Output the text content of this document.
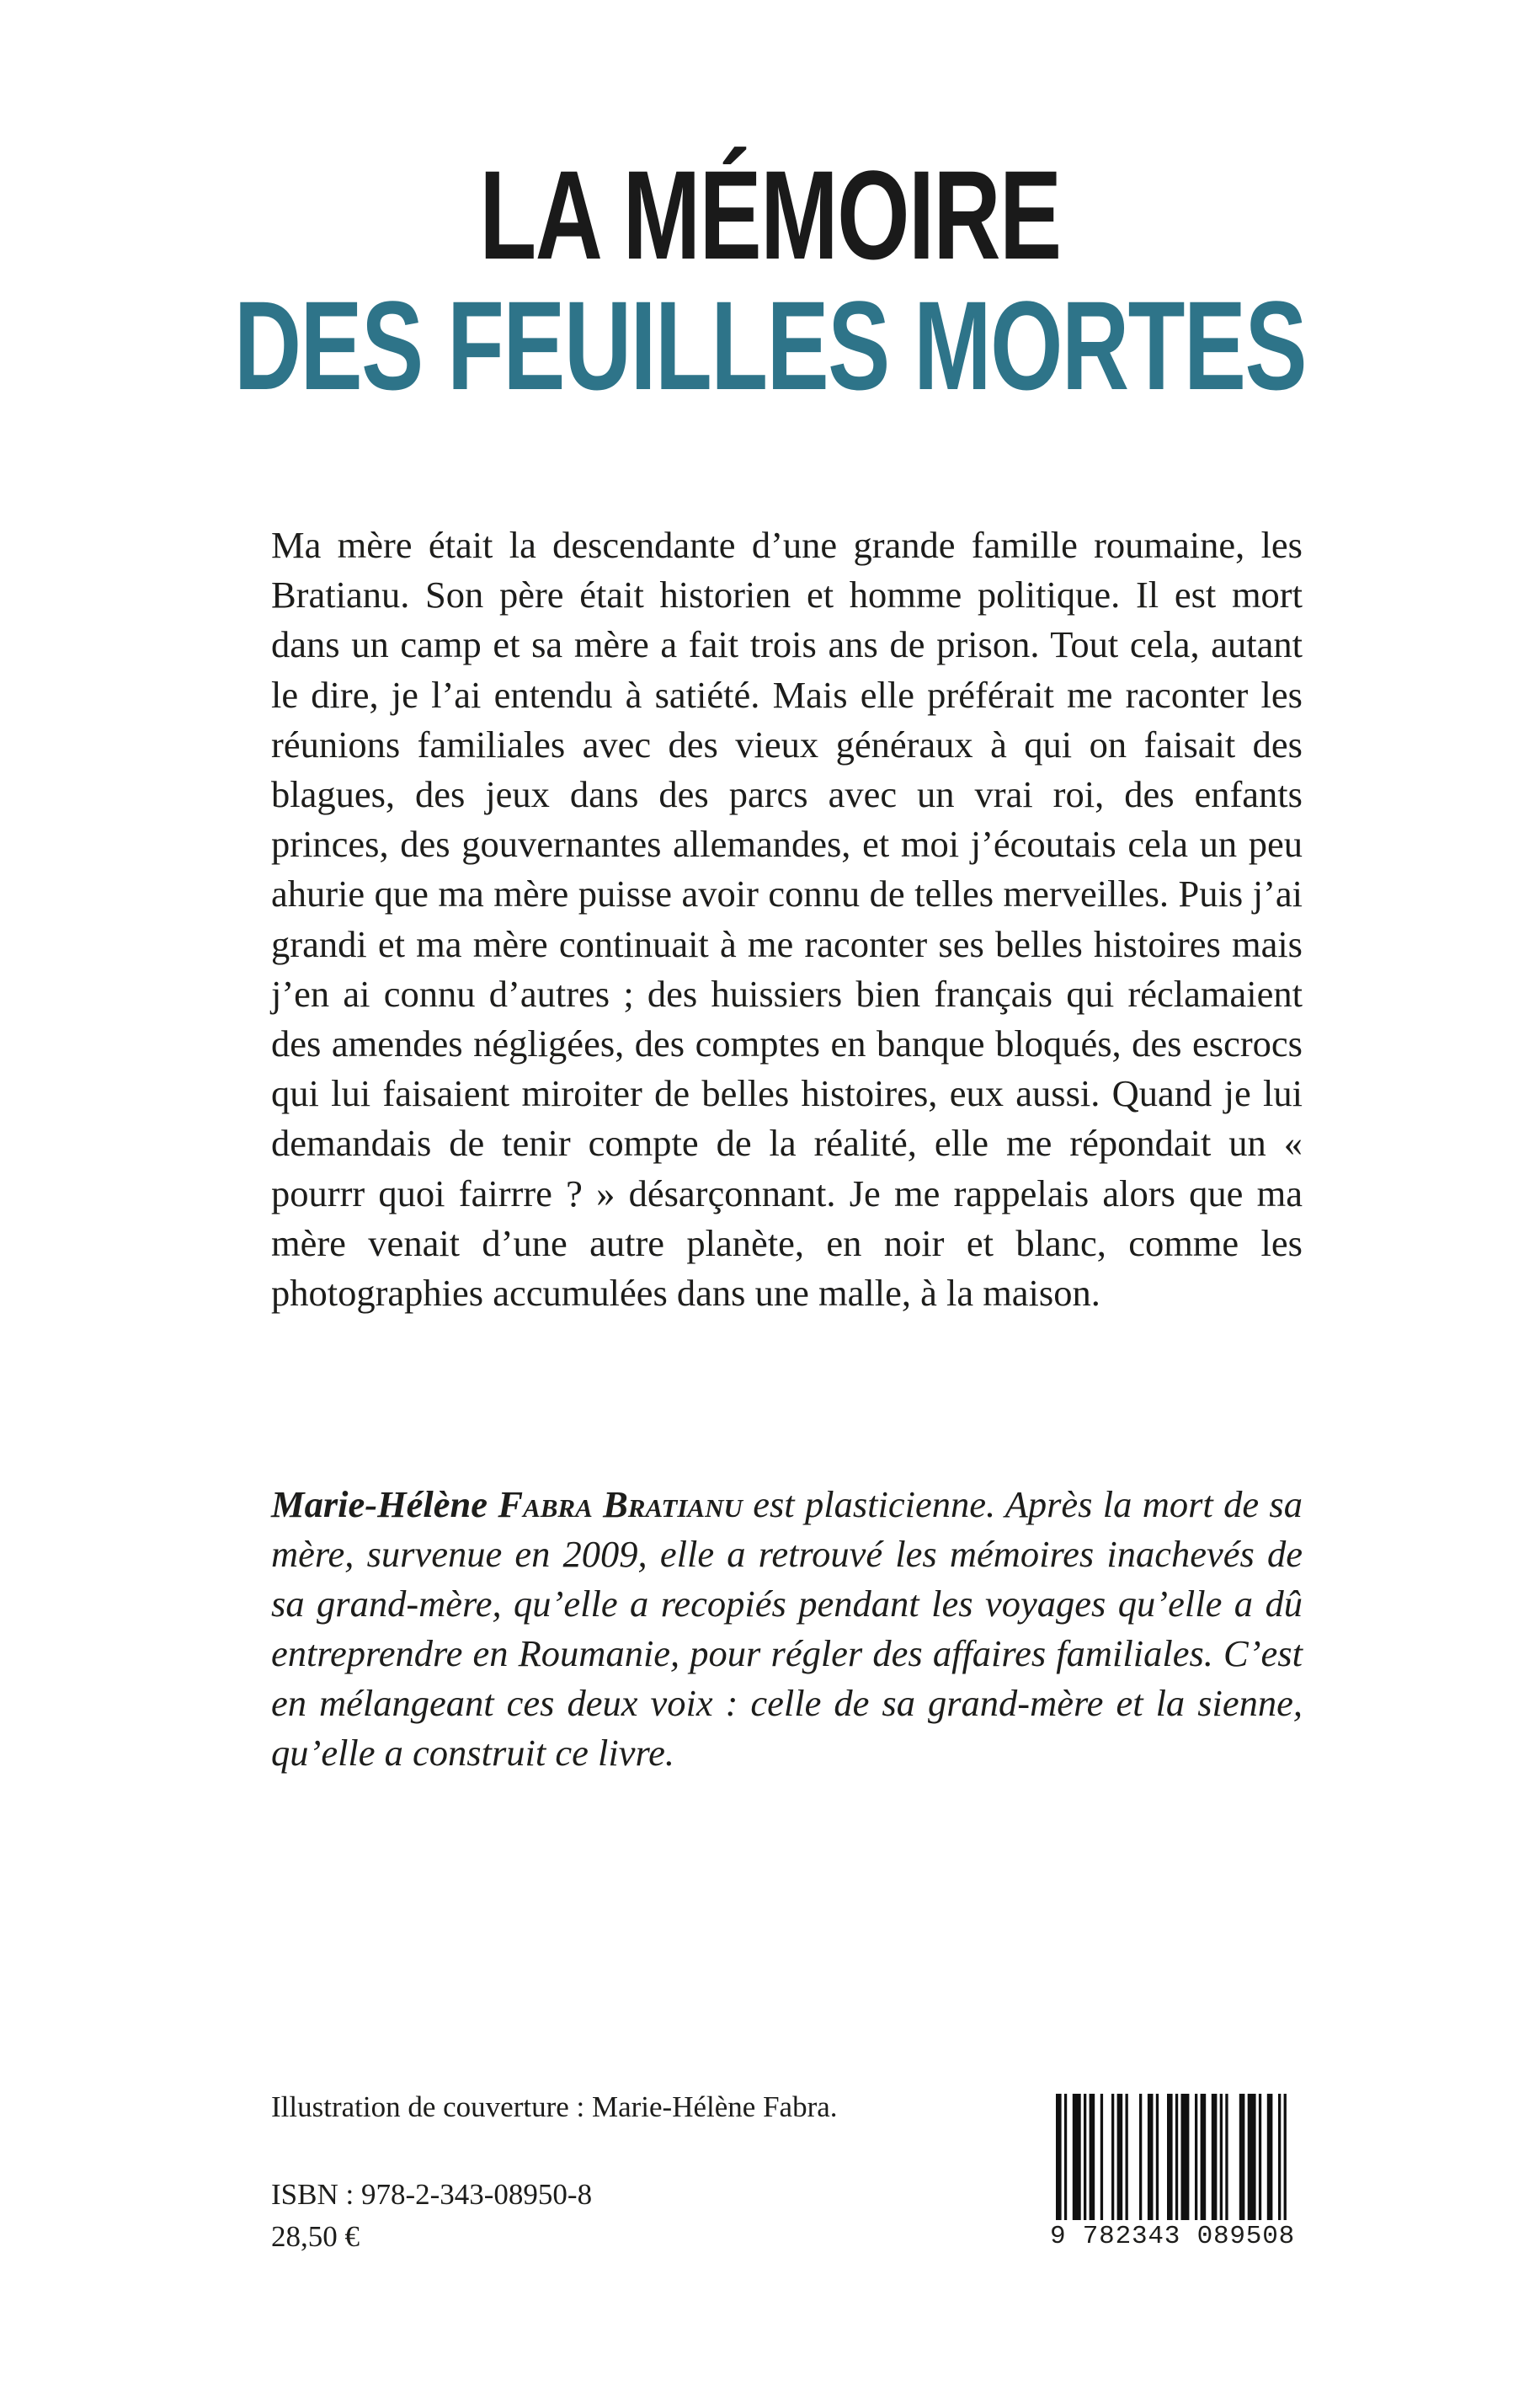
LA MÉMOIRE
DES FEUILLES MORTES

Ma mère était la descendante d’une grande famille roumaine, les Bratianu. Son père était historien et homme politique. Il est mort dans un camp et sa mère a fait trois ans de prison. Tout cela, autant le dire, je l’ai entendu à satiété. Mais elle préférait me raconter les réunions familiales avec des vieux généraux à qui on faisait des blagues, des jeux dans des parcs avec un vrai roi, des enfants princes, des gouvernantes allemandes, et moi j’écoutais cela un peu ahurie que ma mère puisse avoir connu de telles merveilles. Puis j’ai grandi et ma mère continuait à me raconter ses belles histoires mais j’en ai connu d’autres ; des huissiers bien français qui réclamaient des amendes négligées, des comptes en banque bloqués, des escrocs qui lui faisaient miroiter de belles histoires, eux aussi. Quand je lui demandais de tenir compte de la réalité, elle me répondait un « pourrr quoi fairrre ? » désarçonnant. Je me rappelais alors que ma mère venait d’une autre planète, en noir et blanc, comme les photographies accumulées dans une malle, à la maison.

Marie-Hélène Fabra Bratianu est plasticienne. Après la mort de sa mère, survenue en 2009, elle a retrouvé les mémoires inachevés de sa grand-mère, qu’elle a recopiés pendant les voyages qu’elle a dû entreprendre en Roumanie, pour régler des affaires familiales. C’est en mélangeant ces deux voix : celle de sa grand-mère et la sienne, qu’elle a construit ce livre.

Illustration de couverture : Marie-Hélène Fabra.

ISBN : 978-2-343-08950-8

28,50 €	9 782343 089508
